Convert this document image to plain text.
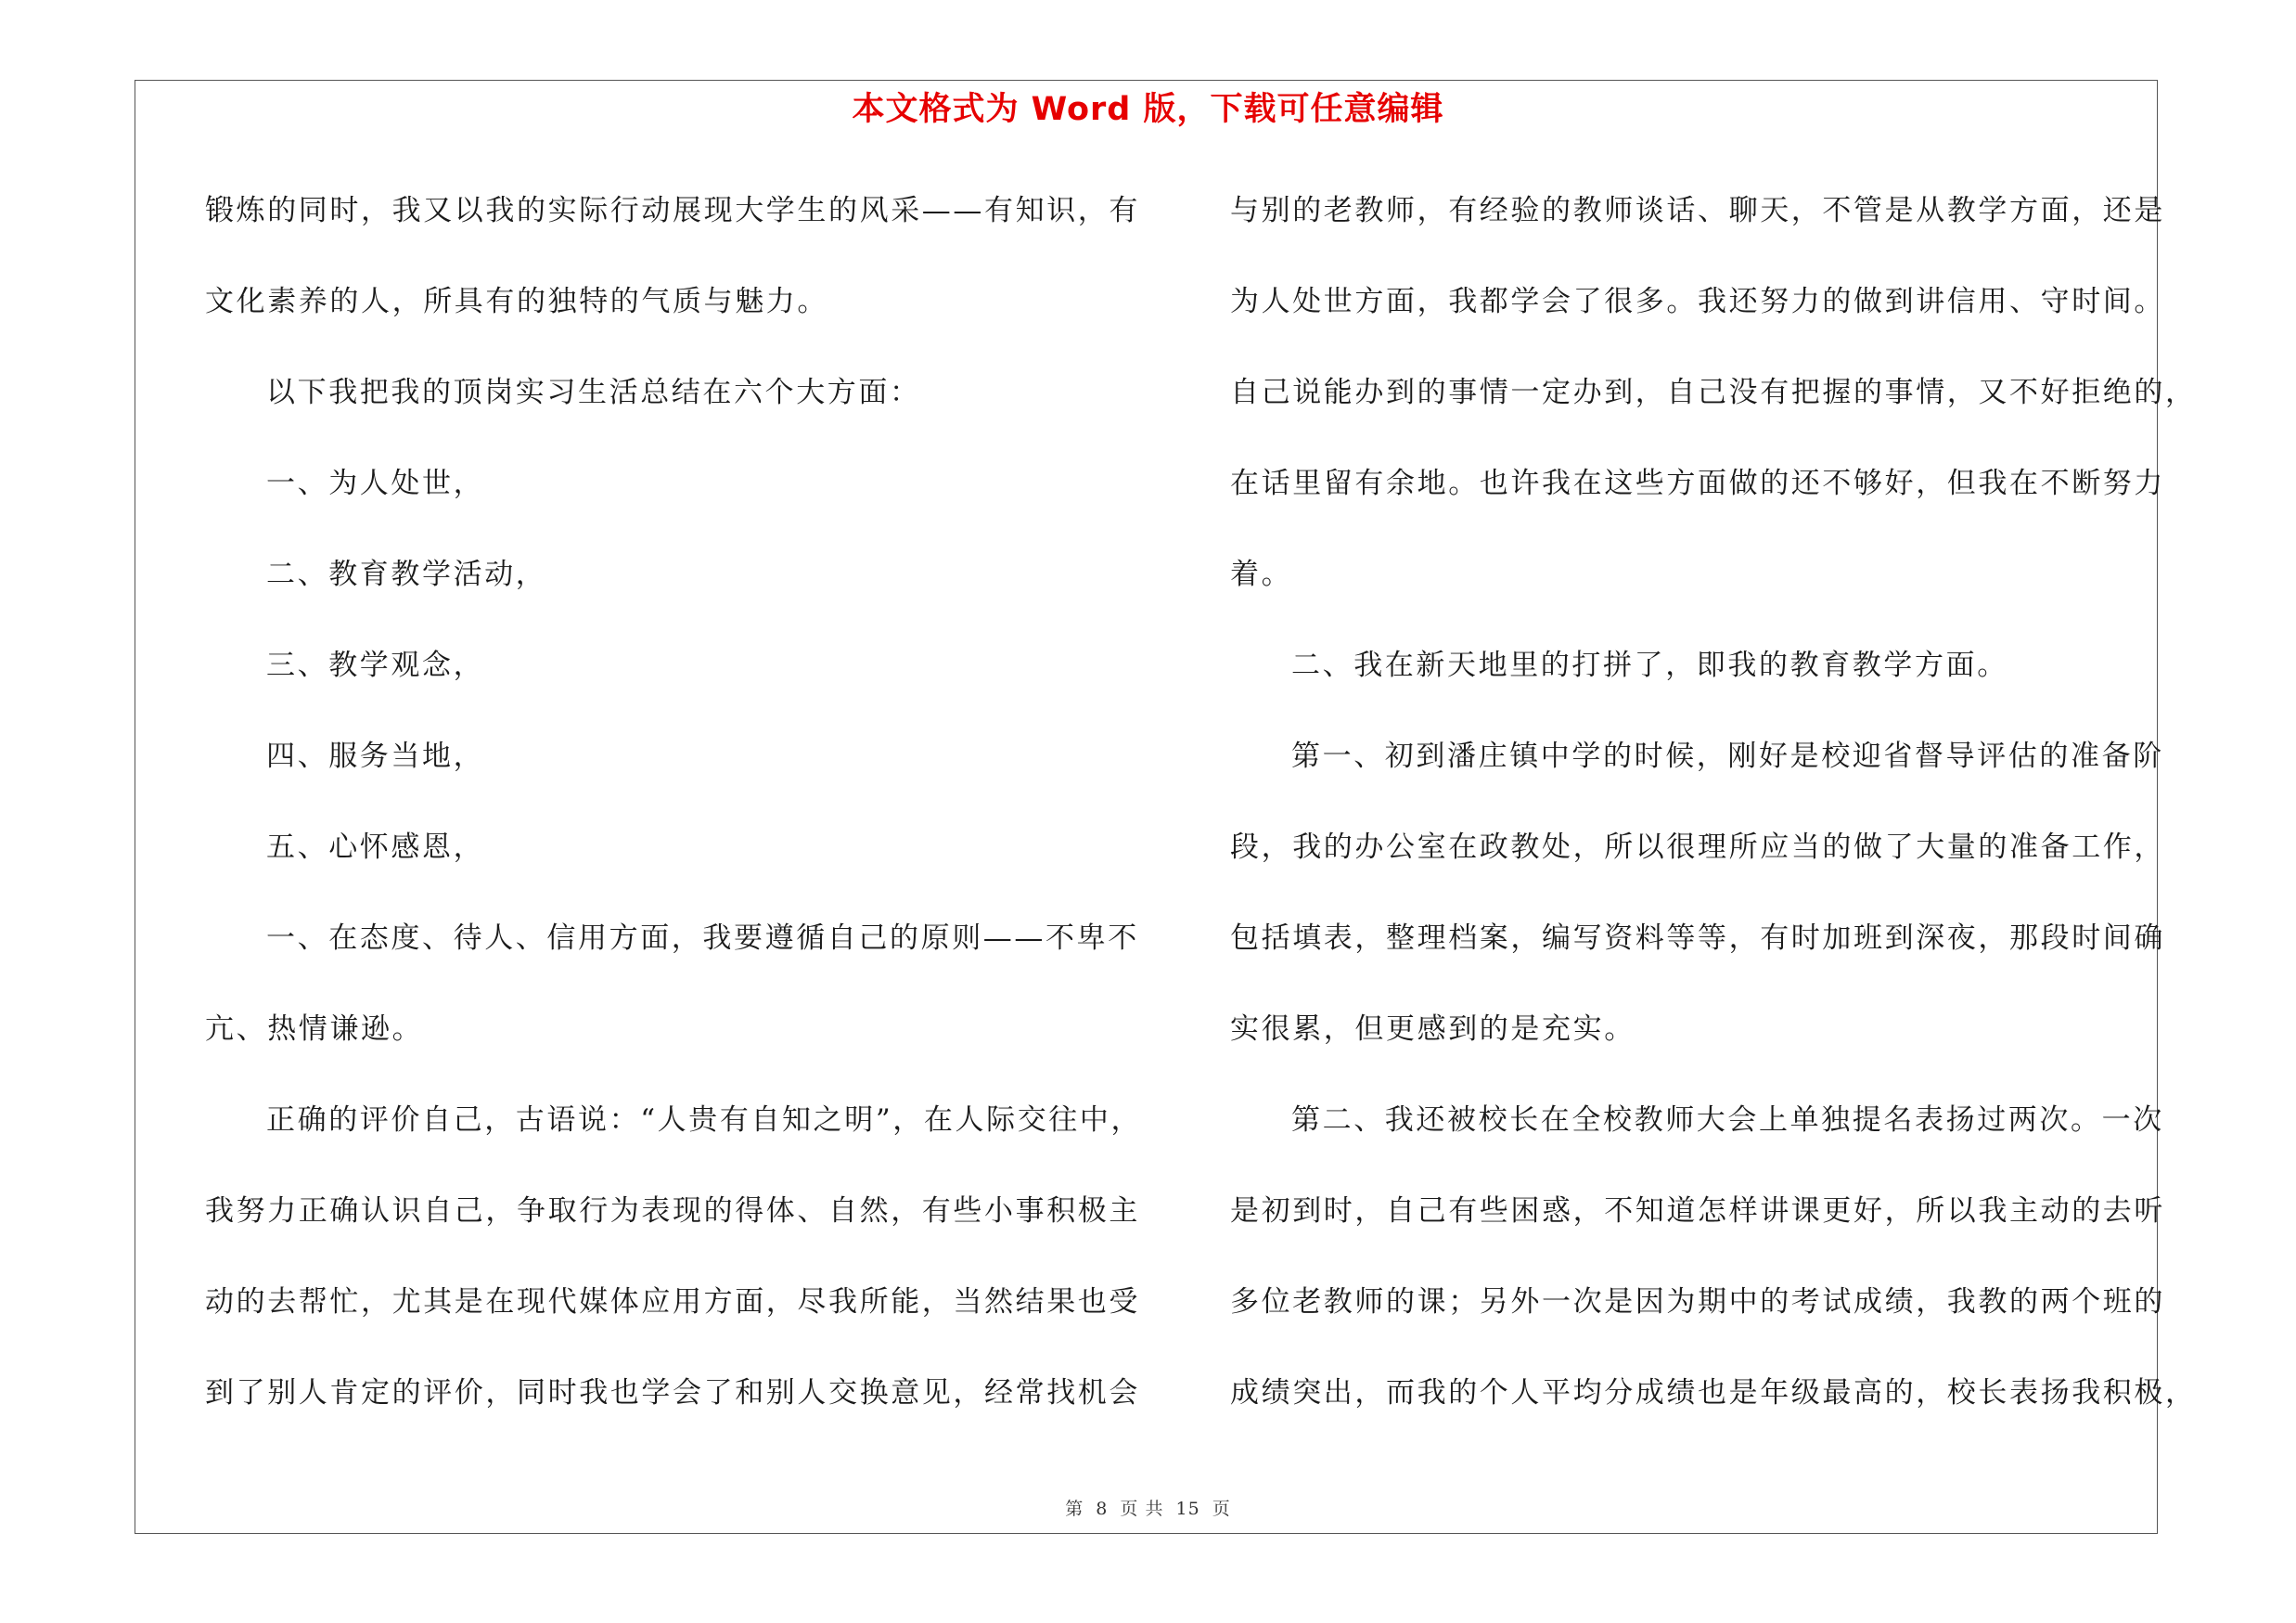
本文格式为 Word 版，下载可任意编辑
锻炼的同时，我又以我的实际行动展现大学生的风采——有知识，有
文化素养的人，所具有的独特的气质与魅力。
以下我把我的顶岗实习生活总结在六个大方面：
一、为人处世，
二、教育教学活动，
三、教学观念，
四、服务当地，
五、心怀感恩，
一、在态度、待人、信用方面，我要遵循自己的原则——不卑不
亢、热情谦逊。
正确的评价自己，古语说：“人贵有自知之明”，在人际交往中，
我努力正确认识自己，争取行为表现的得体、自然，有些小事积极主
动的去帮忙，尤其是在现代媒体应用方面，尽我所能，当然结果也受
到了别人肯定的评价，同时我也学会了和别人交换意见，经常找机会
与别的老教师，有经验的教师谈话、聊天，不管是从教学方面，还是
为人处世方面，我都学会了很多。我还努力的做到讲信用、守时间。
自己说能办到的事情一定办到，自己没有把握的事情，又不好拒绝的，
在话里留有余地。也许我在这些方面做的还不够好，但我在不断努力
着。
二、我在新天地里的打拼了，即我的教育教学方面。
第一、初到潘庄镇中学的时候，刚好是校迎省督导评估的准备阶
段，我的办公室在政教处，所以很理所应当的做了大量的准备工作，
包括填表，整理档案，编写资料等等，有时加班到深夜，那段时间确
实很累，但更感到的是充实。
第二、我还被校长在全校教师大会上单独提名表扬过两次。一次
是初到时，自己有些困惑，不知道怎样讲课更好，所以我主动的去听
多位老教师的课；另外一次是因为期中的考试成绩，我教的两个班的
成绩突出，而我的个人平均分成绩也是年级最高的，校长表扬我积极，
第 8 页 共 15 页
